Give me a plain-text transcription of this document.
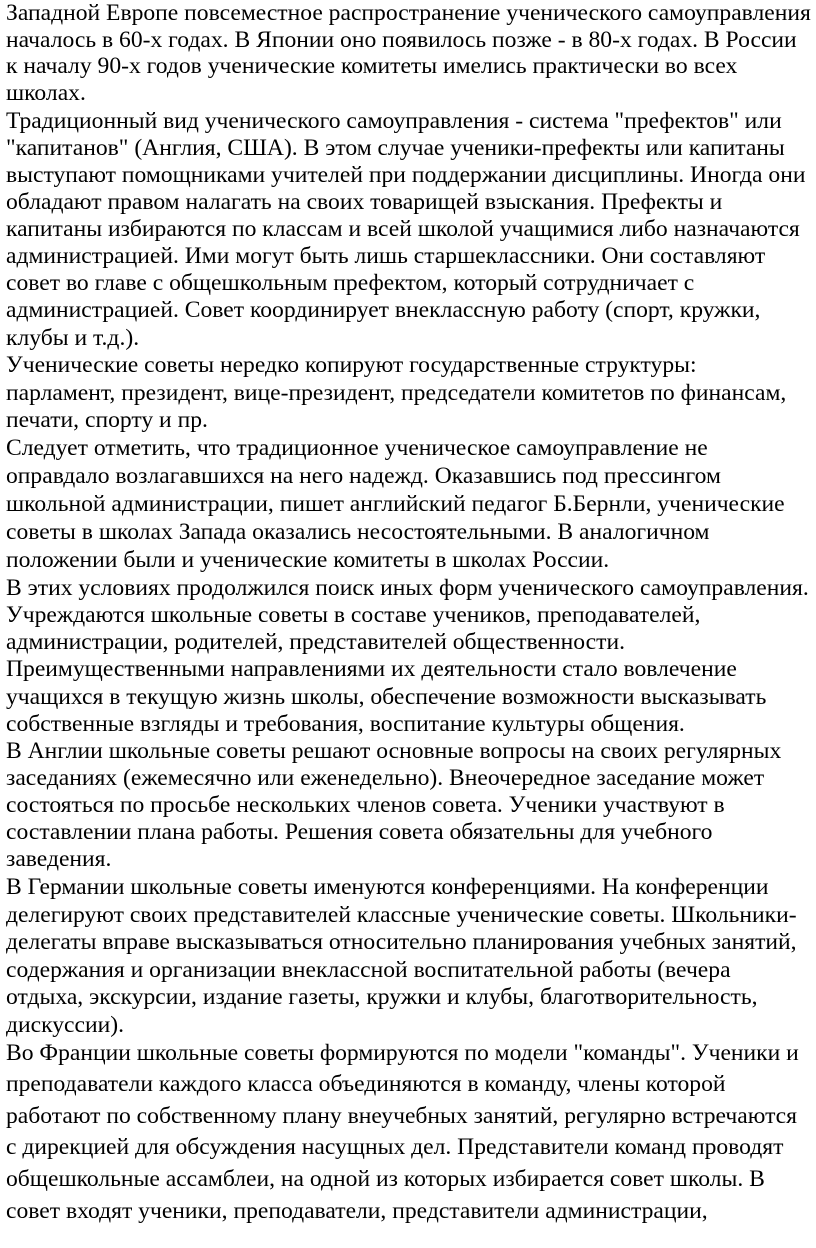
Западной Европе повсеместное распространение ученического самоуправления
началось в 60-х годах. В Японии оно появилось позже - в 80-х годах. В России
к началу 90-х годов ученические комитеты имелись практически во всех
школах.
Традиционный вид ученического самоуправления - система "префектов" или
"капитанов" (Англия, США). В этом случае ученики-префекты или капитаны
выступают помощниками учителей при поддержании дисциплины. Иногда они
обладают правом налагать на своих товарищей взыскания. Префекты и
капитаны избираются по классам и всей школой учащимися либо назначаются
администрацией. Ими могут быть лишь старшеклассники. Они составляют
совет во главе с общешкольным префектом, который сотрудничает с
администрацией. Совет координирует внеклассную работу (спорт, кружки,
клубы и т.д.).
Ученические советы нередко копируют государственные структуры:
парламент, президент, вице-президент, председатели комитетов по финансам,
печати, спорту и пр.
Следует отметить, что традиционное ученическое самоуправление не
оправдало возлагавшихся на него надежд. Оказавшись под прессингом
школьной администрации, пишет английский педагог Б.Бернли, ученические
советы в школах Запада оказались несостоятельными. В аналогичном
положении были и ученические комитеты в школах России.
В этих условиях продолжился поиск иных форм ученического самоуправления.
Учреждаются школьные советы в составе учеников, преподавателей,
администрации, родителей, представителей общественности.
Преимущественными направлениями их деятельности стало вовлечение
учащихся в текущую жизнь школы, обеспечение возможности высказывать
собственные взгляды и требования, воспитание культуры общения.
В Англии школьные советы решают основные вопросы на своих регулярных
заседаниях (ежемесячно или еженедельно). Внеочередное заседание может
состояться по просьбе нескольких членов совета. Ученики участвуют в
составлении плана работы. Решения совета обязательны для учебного
заведения.
В Германии школьные советы именуются конференциями. На конференции
делегируют своих представителей классные ученические советы. Школьники-
делегаты вправе высказываться относительно планирования учебных занятий,
содержания и организации внеклассной воспитательной работы (вечера
отдыха, экскурсии, издание газеты, кружки и клубы, благотворительность,
дискуссии).
Во Франции школьные советы формируются по модели "команды". Ученики и
преподаватели каждого класса объединяются в команду, члены которой
работают по собственному плану внеучебных занятий, регулярно встречаются
с дирекцией для обсуждения насущных дел. Представители команд проводят
общешкольные ассамблеи, на одной из которых избирается совет школы. В
совет входят ученики, преподаватели, представители администрации,
